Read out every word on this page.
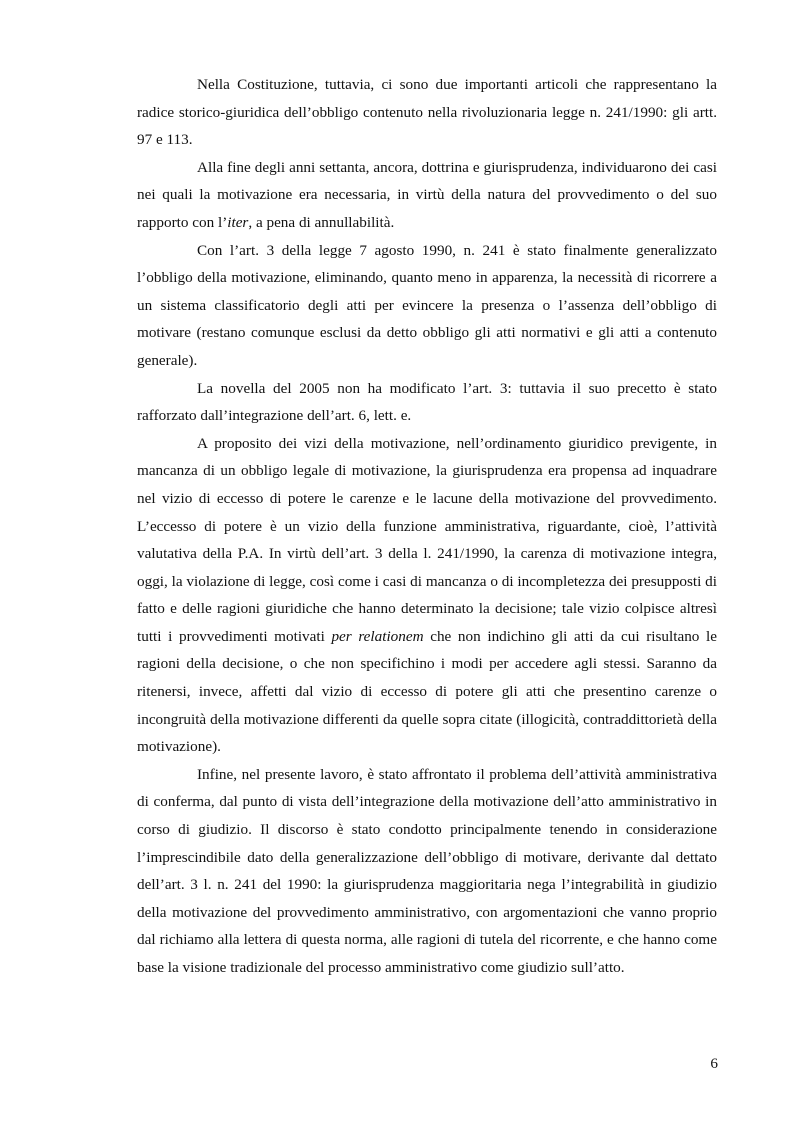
Nella Costituzione, tuttavia, ci sono due importanti articoli che rappresentano la radice storico-giuridica dell’obbligo contenuto nella rivoluzionaria legge n. 241/1990: gli artt. 97 e 113.

Alla fine degli anni settanta, ancora, dottrina e giurisprudenza, individuarono dei casi nei quali la motivazione era necessaria, in virtù della natura del provvedimento o del suo rapporto con l’iter, a pena di annullabilità.

Con l’art. 3 della legge 7 agosto 1990, n. 241 è stato finalmente generalizzato l’obbligo della motivazione, eliminando, quanto meno in apparenza, la necessità di ricorrere a un sistema classificatorio degli atti per evincere la presenza o l’assenza dell’obbligo di motivare (restano comunque esclusi da detto obbligo gli atti normativi e gli atti a contenuto generale).

La novella del 2005 non ha modificato l’art. 3: tuttavia il suo precetto è stato rafforzato dall’integrazione dell’art. 6, lett. e.

A proposito dei vizi della motivazione, nell’ordinamento giuridico previgente, in mancanza di un obbligo legale di motivazione, la giurisprudenza era propensa ad inquadrare nel vizio di eccesso di potere le carenze e le lacune della motivazione del provvedimento. L’eccesso di potere è un vizio della funzione amministrativa, riguardante, cioè, l’attività valutativa della P.A. In virtù dell’art. 3 della l. 241/1990, la carenza di motivazione integra, oggi, la violazione di legge, così come i casi di mancanza o di incompletezza dei presupposti di fatto e delle ragioni giuridiche che hanno determinato la decisione; tale vizio colpisce altresì tutti i provvedimenti motivati per relationem che non indichino gli atti da cui risultano le ragioni della decisione, o che non specifichino i modi per accedere agli stessi. Saranno da ritenersi, invece, affetti dal vizio di eccesso di potere gli atti che presentino carenze o incongruità della motivazione differenti da quelle sopra citate (illogicità, contraddittorietà della motivazione).

Infine, nel presente lavoro, è stato affrontato il problema dell’attività amministrativa di conferma, dal punto di vista dell’integrazione della motivazione dell’atto amministrativo in corso di giudizio. Il discorso è stato condotto principalmente tenendo in considerazione l’imprescindibile dato della generalizzazione dell’obbligo di motivare, derivante dal dettato dell’art. 3 l. n. 241 del 1990: la giurisprudenza maggioritaria nega l’integrabilità in giudizio della motivazione del provvedimento amministrativo, con argomentazioni che vanno proprio dal richiamo alla lettera di questa norma, alle ragioni di tutela del ricorrente, e che hanno come base la visione tradizionale del processo amministrativo come giudizio sull’atto.

6
